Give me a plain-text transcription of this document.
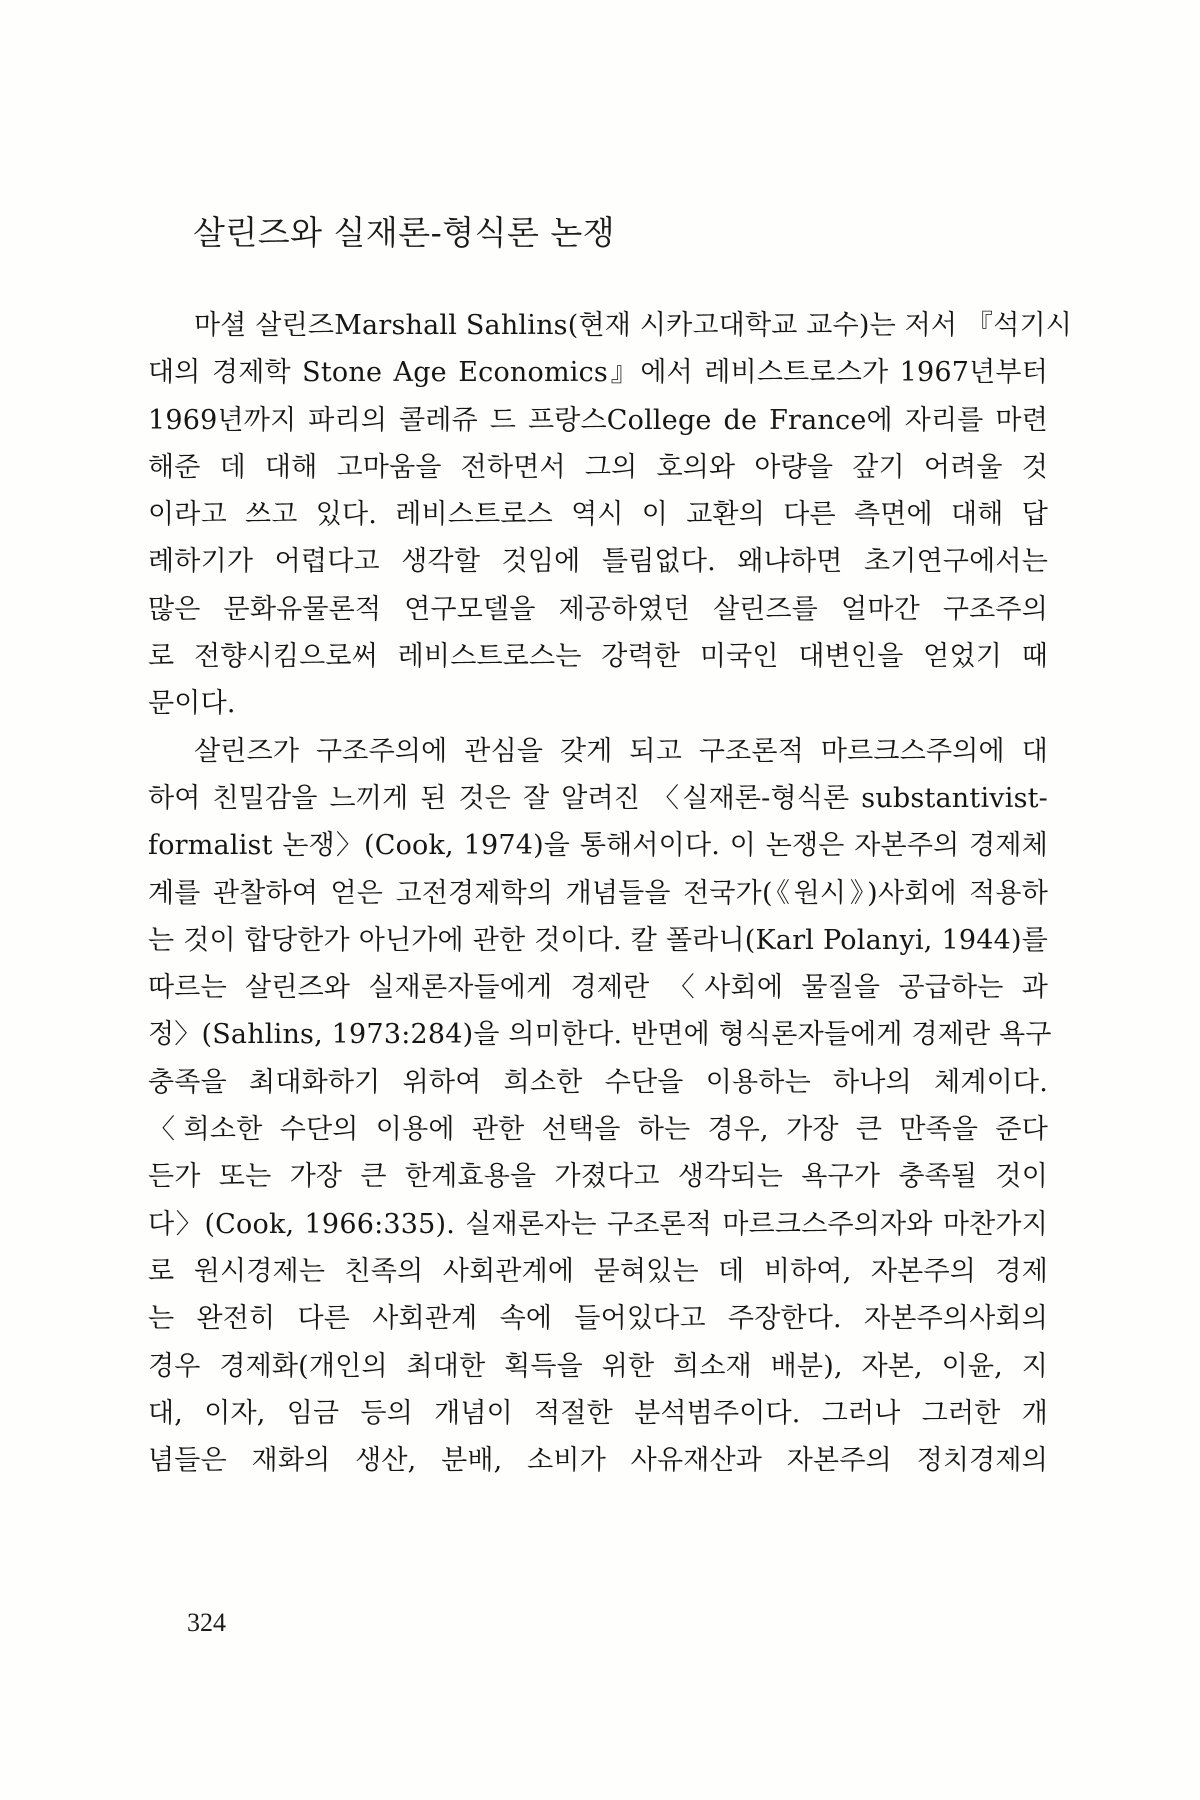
살린즈와 실재론-형식론 논쟁
마셜 살린즈Marshall Sahlins(현재 시카고대학교 교수)는 저서 『석기시
대의 경제학 Stone Age Economics』에서 레비스트로스가 1967년부터
1969년까지 파리의 콜레쥬 드 프랑스College de France에 자리를 마련
해준 데 대해 고마움을 전하면서 그의 호의와 아량을 갚기 어려울 것
이라고 쓰고 있다. 레비스트로스 역시 이 교환의 다른 측면에 대해 답
례하기가 어렵다고 생각할 것임에 틀림없다. 왜냐하면 초기연구에서는
많은 문화유물론적 연구모델을 제공하였던 살린즈를 얼마간 구조주의
로 전향시킴으로써 레비스트로스는 강력한 미국인 대변인을 얻었기 때
문이다.
살린즈가 구조주의에 관심을 갖게 되고 구조론적 마르크스주의에 대
하여 친밀감을 느끼게 된 것은 잘 알려진 〈실재론-형식론 substantivist-
formalist 논쟁〉(Cook, 1974)을 통해서이다. 이 논쟁은 자본주의 경제체
계를 관찰하여 얻은 고전경제학의 개념들을 전국가(《원시》)사회에 적용하
는 것이 합당한가 아닌가에 관한 것이다. 칼 폴라니(Karl Polanyi, 1944)를
따르는 살린즈와 실재론자들에게 경제란 〈사회에 물질을 공급하는 과
정〉(Sahlins, 1973:284)을 의미한다. 반면에 형식론자들에게 경제란 욕구
충족을 최대화하기 위하여 희소한 수단을 이용하는 하나의 체계이다.
〈희소한 수단의 이용에 관한 선택을 하는 경우, 가장 큰 만족을 준다
든가 또는 가장 큰 한계효용을 가졌다고 생각되는 욕구가 충족될 것이
다〉(Cook, 1966:335). 실재론자는 구조론적 마르크스주의자와 마찬가지
로 원시경제는 친족의 사회관계에 묻혀있는 데 비하여, 자본주의 경제
는 완전히 다른 사회관계 속에 들어있다고 주장한다. 자본주의사회의
경우 경제화(개인의 최대한 획득을 위한 희소재 배분), 자본, 이윤, 지
대, 이자, 임금 등의 개념이 적절한 분석범주이다. 그러나 그러한 개
념들은 재화의 생산, 분배, 소비가 사유재산과 자본주의 정치경제의
324
